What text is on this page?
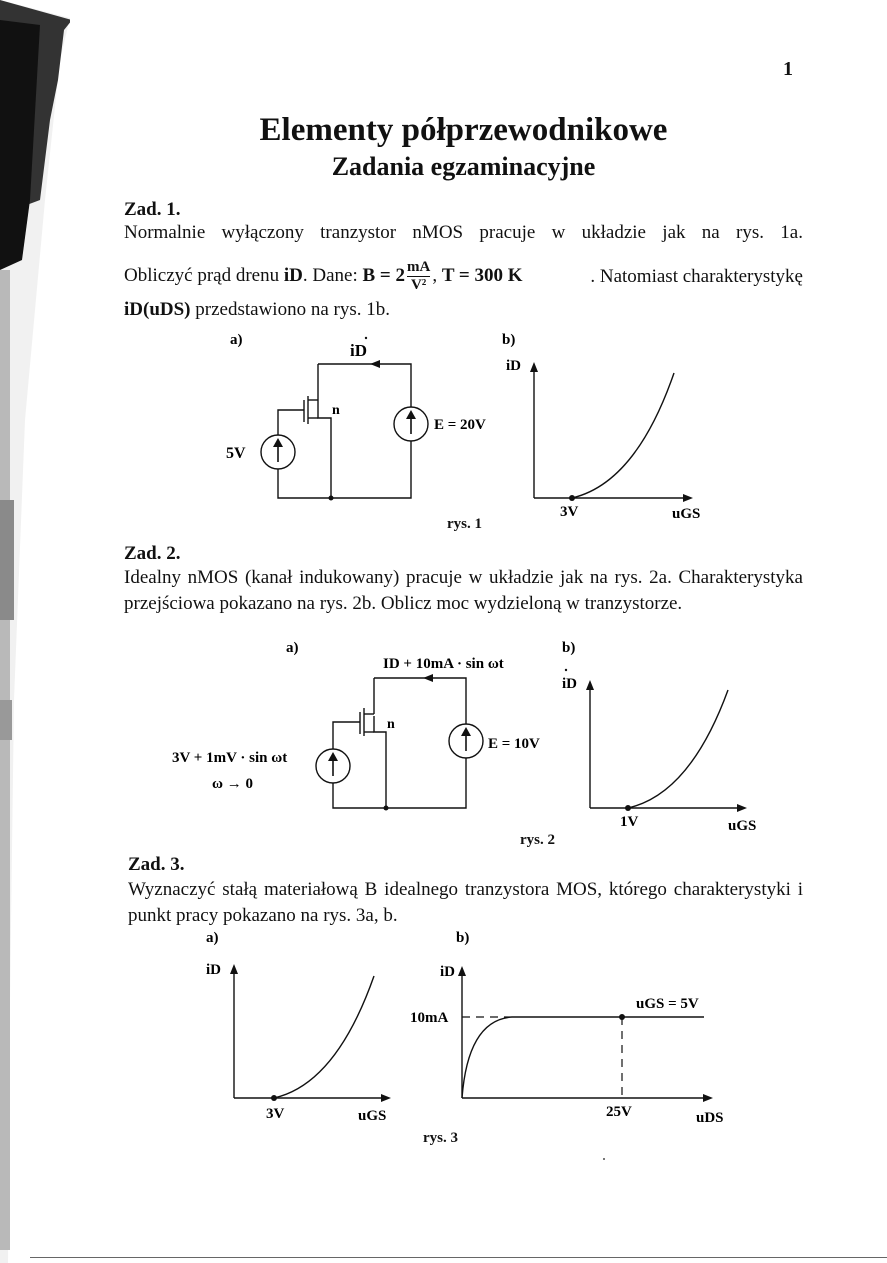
1
Elementy półprzewodnikowe
Zadania egzaminacyjne
Zad. 1.
Normalnie wyłączony tranzystor nMOS pracuje w układzie jak na rys. 1a.
Obliczyć prąd drenu iD. Dane: $B = 2 \frac{mA}{\text{V²}}$ , T = 300 K	. Natomiast charakterystykę
iD(uDS) przedstawiono na rys. 1b.
a)
iD
n
5V
E = 20V
b)
iD
3V	uGS
rys. 1
Zad. 2.
Idealny nMOS (kanał indukowany) pracuje w układzie jak na rys. 2a. Charakterystyka przejściowa pokazano na rys. 2b. Oblicz moc wydzieloną w tranzystorze.
a)
ID + 10mA · sin ωt
n
3V + 1mV · sin ωt
ω → 0
E = 10V
b)
iD
1V	uGS
rys. 2
Zad. 3.
Wyznaczyć stałą materiałową B idealnego tranzystora MOS, którego charakterystyki i punkt pracy pokazano na rys. 3a, b.
a)
iD
3V	uGS
b)
iD
10mA
25V
uGS = 5V
uDS
rys. 3
